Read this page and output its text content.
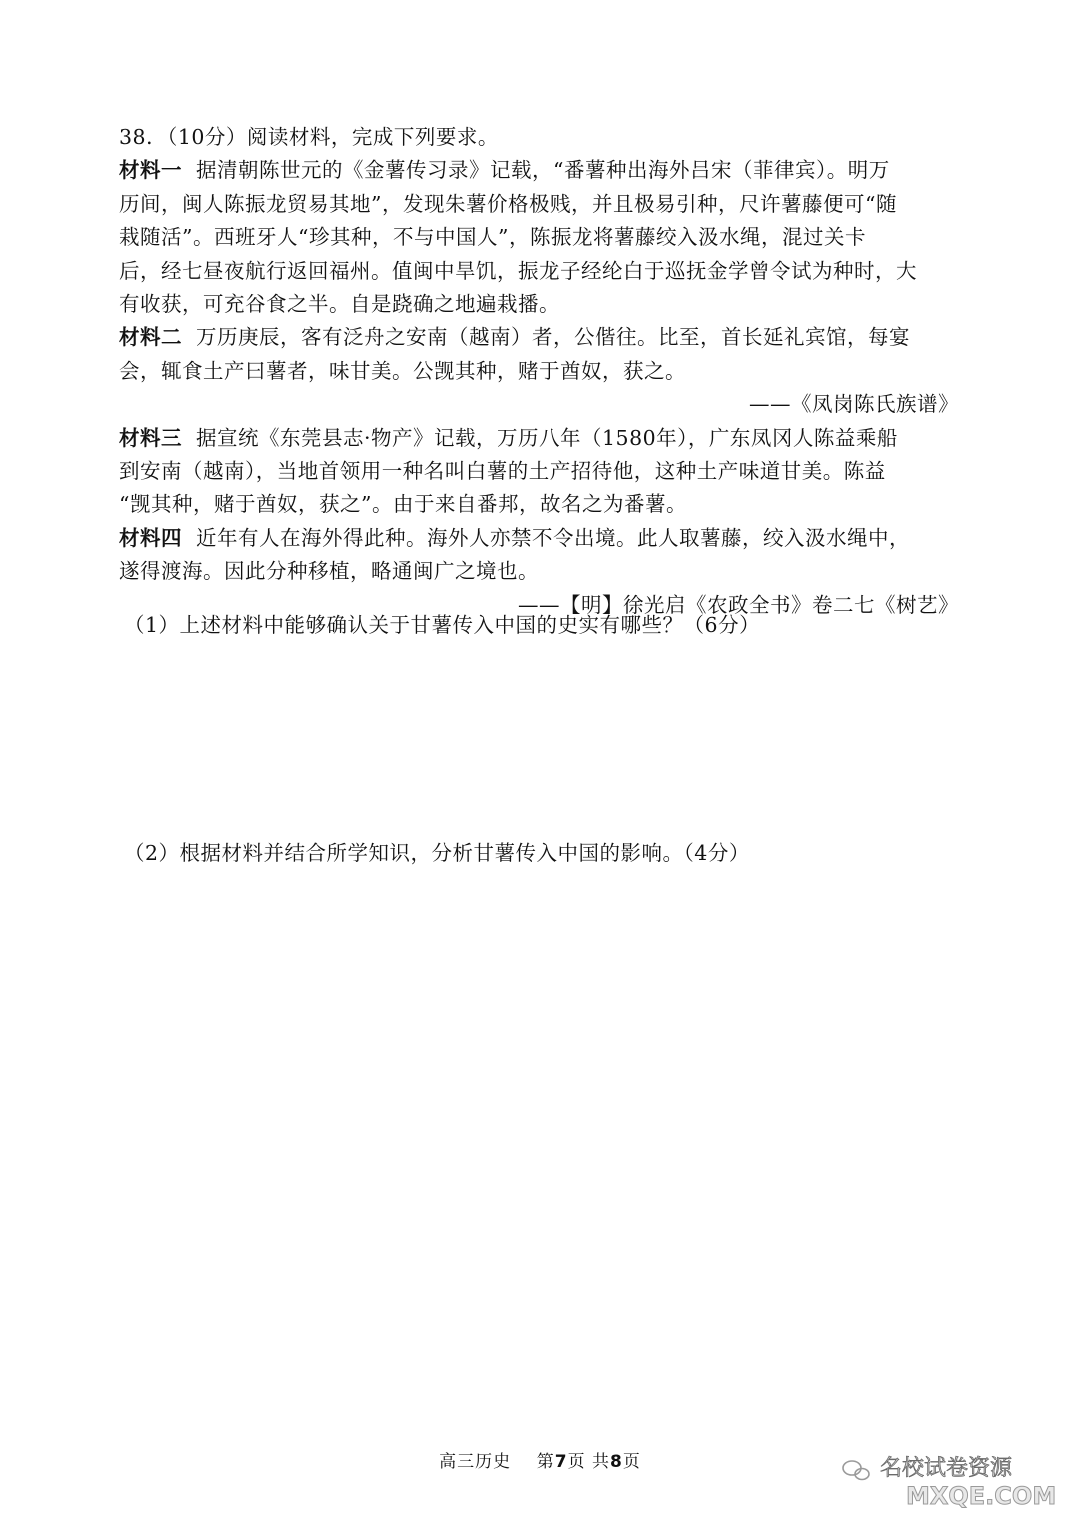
38．（10分）阅读材料，完成下列要求。
材料一 据清朝陈世元的《金薯传习录》记载，“番薯种出海外吕宋（菲律宾）。明万
历间，闽人陈振龙贸易其地”，发现朱薯价格极贱，并且极易引种，尺许薯藤便可“随
栽随活”。西班牙人“珍其种，不与中国人”，陈振龙将薯藤绞入汲水绳，混过关卡
后，经七昼夜航行返回福州。值闽中旱饥，振龙子经纶白于巡抚金学曾令试为种时，大
有收获，可充谷食之半。自是跷确之地遍栽播。
材料二 万历庚辰，客有泛舟之安南（越南）者，公偕往。比至，首长延礼宾馆，每宴
会，辄食土产曰薯者，味甘美。公觊其种，赌于酋奴，获之。
——《凤岗陈氏族谱》
材料三 据宣统《东莞县志·物产》记载，万历八年（1580年），广东凤冈人陈益乘船
到安南（越南），当地首领用一种名叫白薯的土产招待他，这种土产味道甘美。陈益
“觊其种，赌于酋奴，获之”。由于来自番邦，故名之为番薯。
材料四 近年有人在海外得此种。海外人亦禁不令出境。此人取薯藤，绞入汲水绳中，
遂得渡海。因此分种移植，略通闽广之境也。
——【明】徐光启《农政全书》卷二七《树艺》
（1）上述材料中能够确认关于甘薯传入中国的史实有哪些？（6分）
（2）根据材料并结合所学知识，分析甘薯传入中国的影响。（4分）
高三历史 第7页 共8页	名校试卷资源
MXQE.COM
